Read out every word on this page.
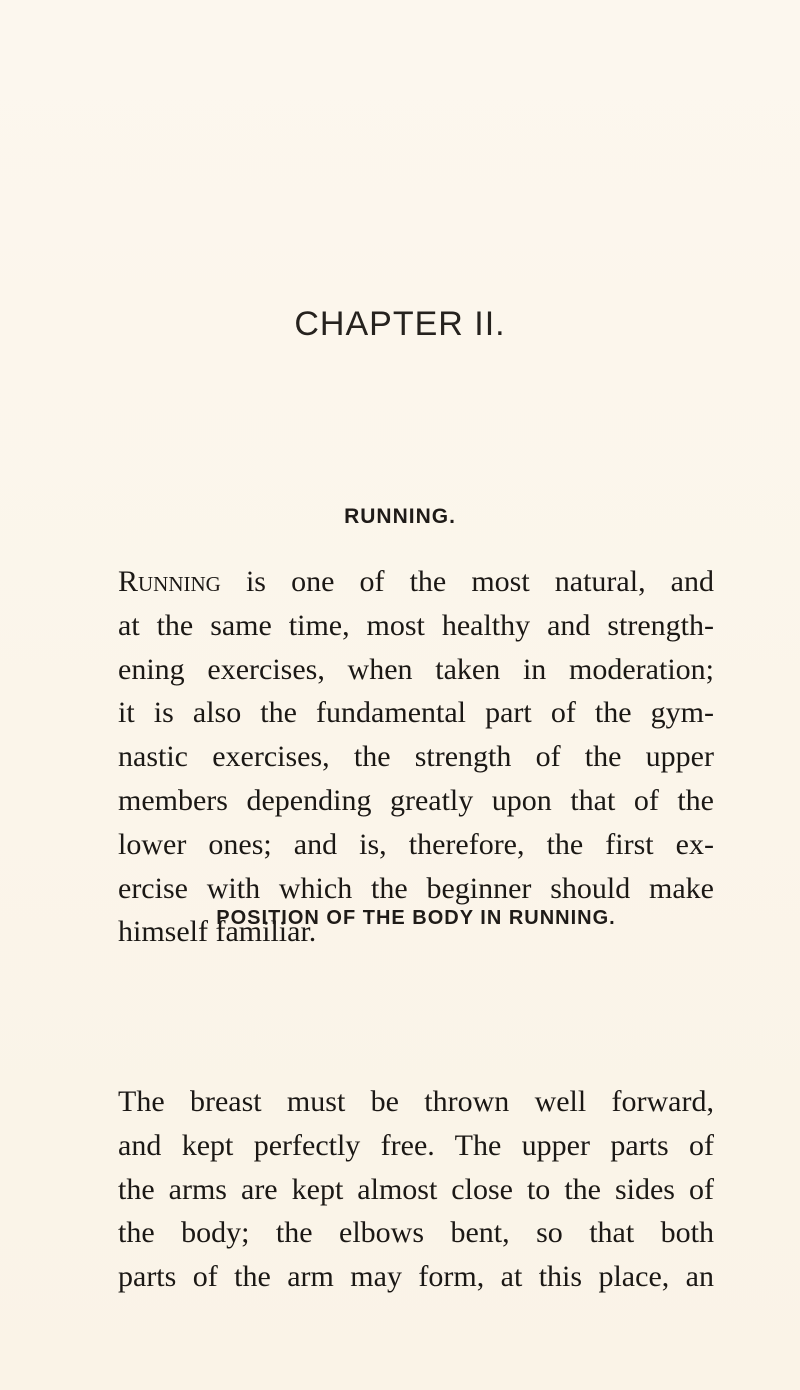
CHAPTER II.
RUNNING.
Running is one of the most natural, and
at the same time, most healthy and strength-
ening exercises, when taken in moderation;
it is also the fundamental part of the gym-
nastic exercises, the strength of the upper
members depending greatly upon that of the
lower ones; and is, therefore, the first ex-
ercise with which the beginner should make
himself familiar.
POSITION OF THE BODY IN RUNNING.
The breast must be thrown well forward,
and kept perfectly free. The upper parts of
the arms are kept almost close to the sides of
the body; the elbows bent, so that both
parts of the arm may form, at this place, an
